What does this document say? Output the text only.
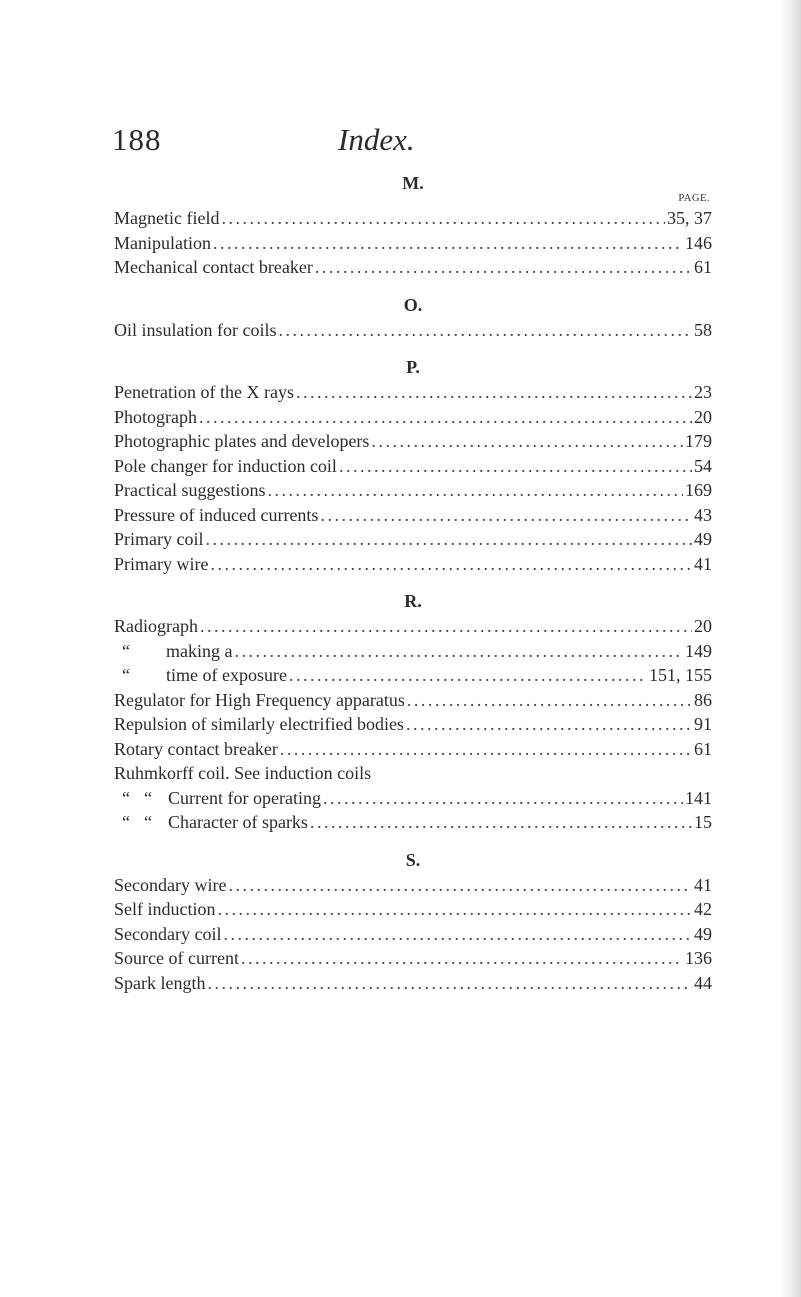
188	Index.
M.
PAGE.
Magnetic field . . .	35, 37
Manipulation . . .	146
Mechanical contact breaker . . .	61
O.
Oil insulation for coils . . .	58
P.
Penetration of the X rays . . .	23
Photograph . . .	20
Photographic plates and developers . . .	179
Pole changer for induction coil . . .	54
Practical suggestions . . .	169
Pressure of induced currents . . .	43
Primary coil . . .	49
Primary wire . . .	41
R.
Radiograph . . .	20
“ making a . . .	149
“ time of exposure . . .	151, 155
Regulator for High Frequency apparatus . . .	86
Repulsion of similarly electrified bodies . . .	91
Rotary contact breaker . . .	61
Ruhmkorff coil. See induction coils
“ “ Current for operating . . .	141
“ “ Character of sparks . . .	15
S.
Secondary wire . . .	41
Self induction . . .	42
Secondary coil . . .	49
Source of current . . .	136
Spark length . . .	44
